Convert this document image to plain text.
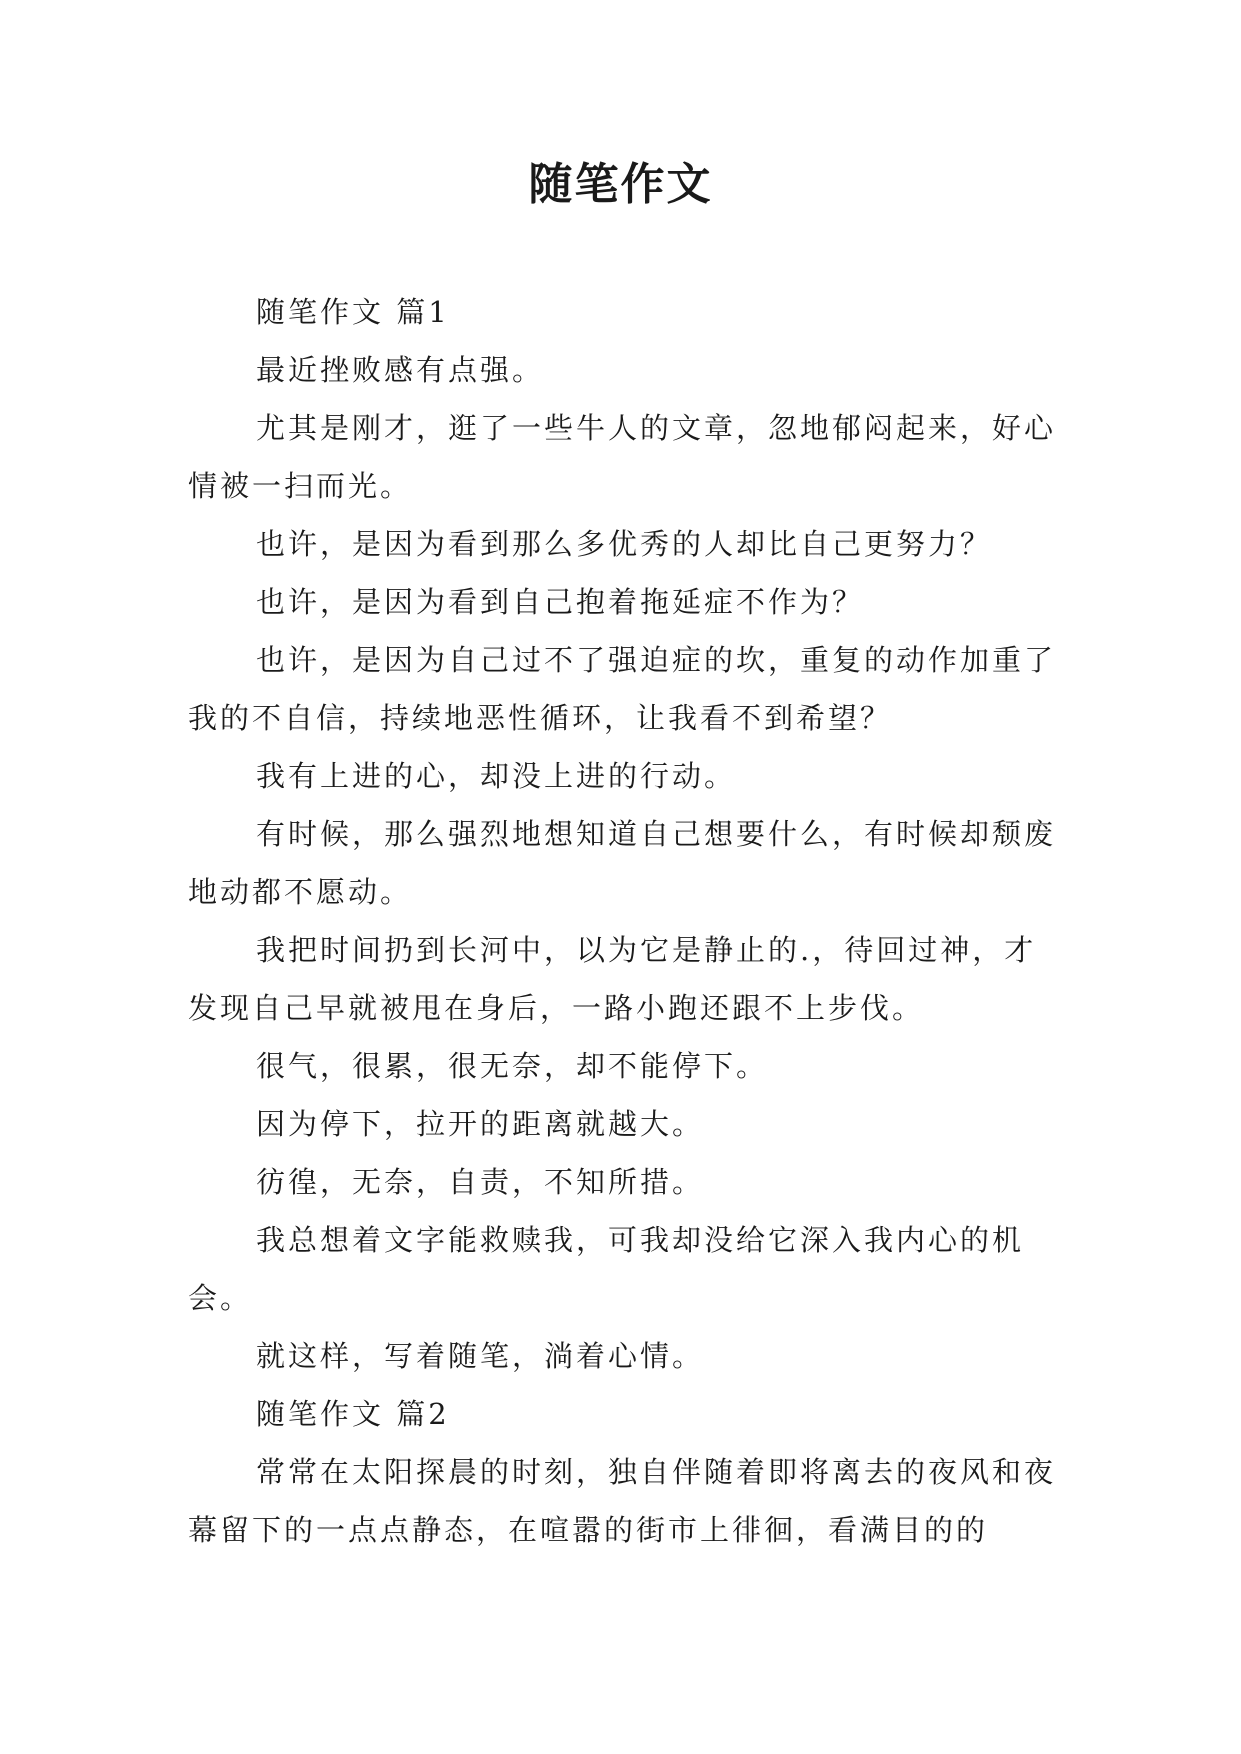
随笔作文

随笔作文 篇1

最近挫败感有点强。

尤其是刚才，逛了一些牛人的文章，忽地郁闷起来，好心情被一扫而光。

也许，是因为看到那么多优秀的人却比自己更努力？

也许，是因为看到自己抱着拖延症不作为？

也许，是因为自己过不了强迫症的坎，重复的动作加重了我的不自信，持续地恶性循环，让我看不到希望？

我有上进的心，却没上进的行动。

有时候，那么强烈地想知道自己想要什么，有时候却颓废地动都不愿动。

我把时间扔到长河中，以为它是静止的.，待回过神，才发现自己早就被甩在身后，一路小跑还跟不上步伐。

很气，很累，很无奈，却不能停下。

因为停下，拉开的距离就越大。

彷徨，无奈，自责，不知所措。

我总想着文字能救赎我，可我却没给它深入我内心的机会。

就这样，写着随笔，淌着心情。

随笔作文 篇2

常常在太阳探晨的时刻，独自伴随着即将离去的夜风和夜幕留下的一点点静态，在喧嚣的街市上徘徊，看满目的的
